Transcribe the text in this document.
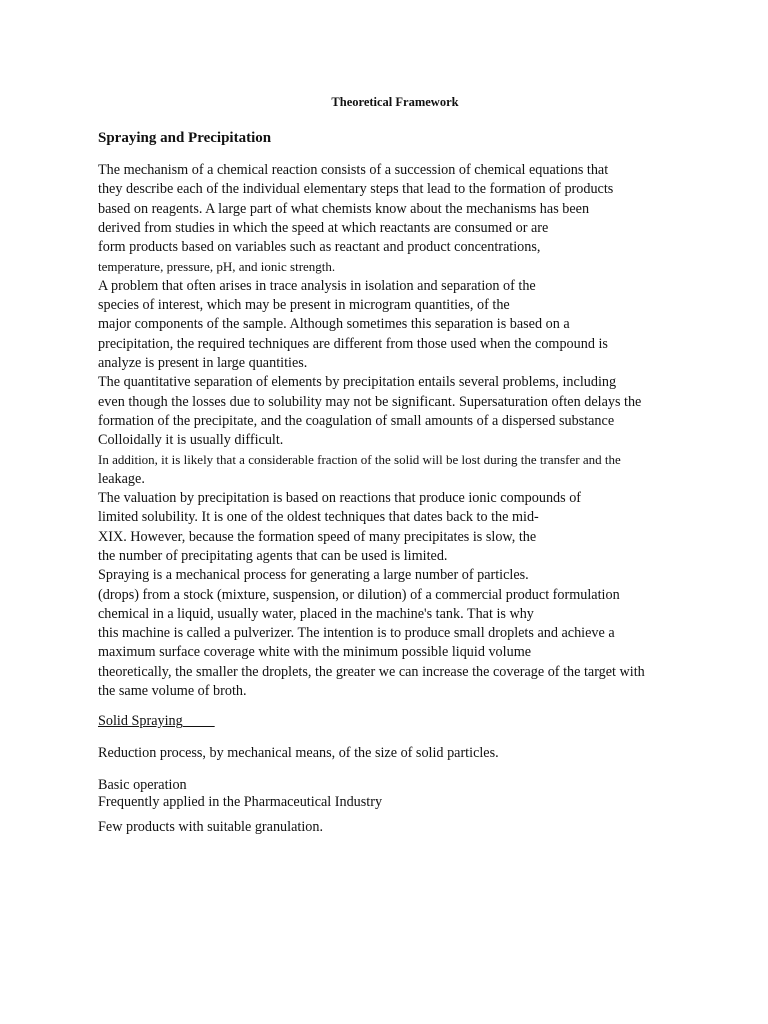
Theoretical Framework
Spraying and Precipitation
The mechanism of a chemical reaction consists of a succession of chemical equations that
they describe each of the individual elementary steps that lead to the formation of products
based on reagents. A large part of what chemists know about the mechanisms has been
derived from studies in which the speed at which reactants are consumed or are
form products based on variables such as reactant and product concentrations,
temperature, pressure, pH, and ionic strength.
A problem that often arises in trace analysis in isolation and separation of the
species of interest, which may be present in microgram quantities, of the
major components of the sample. Although sometimes this separation is based on a
precipitation, the required techniques are different from those used when the compound is
analyze is present in large quantities.
The quantitative separation of elements by precipitation entails several problems, including
even though the losses due to solubility may not be significant. Supersaturation often delays the
formation of the precipitate, and the coagulation of small amounts of a dispersed substance
Colloidally it is usually difficult.
In addition, it is likely that a considerable fraction of the solid will be lost during the transfer and the
leakage.
The valuation by precipitation is based on reactions that produce ionic compounds of
limited solubility. It is one of the oldest techniques that dates back to the mid-
XIX. However, because the formation speed of many precipitates is slow, the
the number of precipitating agents that can be used is limited.
Spraying is a mechanical process for generating a large number of particles.
(drops) from a stock (mixture, suspension, or dilution) of a commercial product formulation
chemical in a liquid, usually water, placed in the machine's tank. That is why
this machine is called a pulverizer. The intention is to produce small droplets and achieve a
maximum surface coverage white with the minimum possible liquid volume
theoretically, the smaller the droplets, the greater we can increase the coverage of the target with
the same volume of broth.
Solid Spraying
Reduction process, by mechanical means, of the size of solid particles.
Basic operation
Frequently applied in the Pharmaceutical Industry
Few products with suitable granulation.
